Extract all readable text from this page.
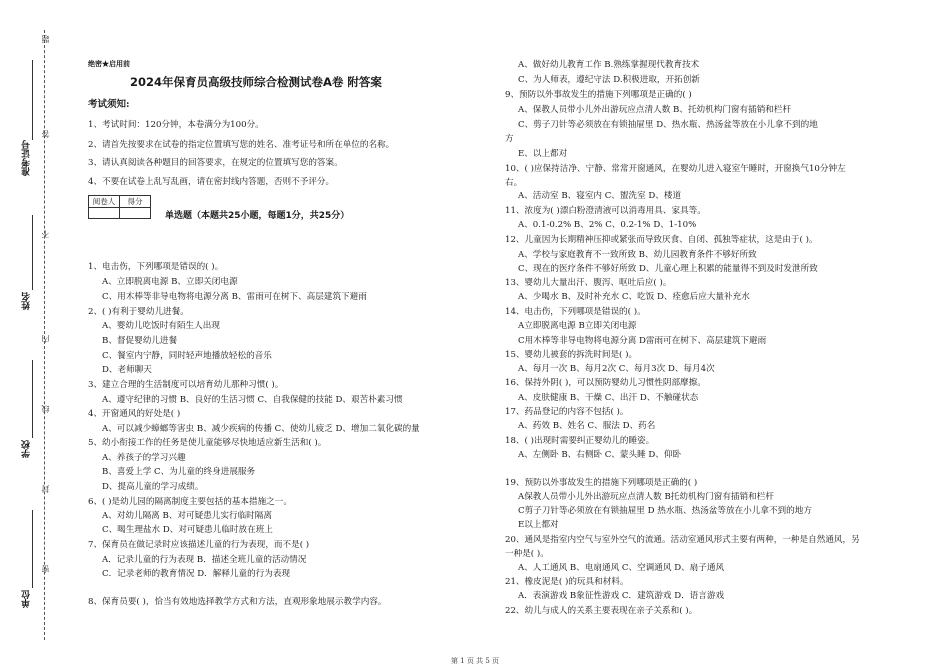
题
答
不
内
线
封
密
准考证号
姓名
学校
单位
绝密★启用前
2024年保育员高级技师综合检测试卷A卷 附答案
考试须知:
1、考试时间：120分钟，本卷满分为100分。
2、请首先按要求在试卷的指定位置填写您的姓名、准考证号和所在单位的名称。
3、请认真阅读各种题目的回答要求，在规定的位置填写您的答案。
4、不要在试卷上乱写乱画，请在密封线内答题，否则不予评分。
阅卷人	得分

单选题（本题共25小题，每题1分，共25分）
1、电击伤，下列哪项是错误的( )。
A、立即脱离电源 B、立即关闭电源
C、用木棒等非导电物将电源分离 B、雷雨可在树下、高层建筑下避雨
2、( )有利于婴幼儿进餐。
A、婴幼儿吃饭时有陌生人出现
B、督促婴幼儿进餐
C、餐室内宁静，同时轻声地播放轻松的音乐
D、老师聊天
3、建立合理的生活制度可以培育幼儿那种习惯( )。
A、遵守纪律的习惯 B、良好的生活习惯 C、自我保健的技能 D、艰苦朴素习惯
4、开窗通风的好处是( )
A、可以减少蟑螂等害虫 B、减少疾病的传播 C、使幼儿疲乏 D、增加二氧化碳的量
5、幼小衔接工作的任务是使儿童能够尽快地适应新生活和( )。
A、养孩子的学习兴趣
B、喜爱上学 C、为儿童的终身进展服务
D、提高儿童的学习成绩。
6、( )是幼儿园的隔离制度主要包括的基本措施之一。
A、对幼儿隔离 B、对可疑患儿实行临时隔离
C、喝生理盐水 D、对可疑患儿临时放在班上
7、保育员在做记录时应该描述儿童的行为表现，而不是( )
A．记录儿童的行为表现 B．描述全班儿童的活动情况
C．记录老师的教育情况 D．解释儿童的行为表现
8、保育员要( )，恰当有效地选择教学方式和方法，直观形象地展示教学内容。
A、做好幼儿教育工作 B.熟练掌握现代教育技术
C、为人师表，遵纪守法 D.积极进取，开拓创新
9、预防以外事故发生的措施下列哪项是正确的( )
A、保教人员带小儿外出游玩应点清人数 B、托幼机构门窗有插销和栏杆
C、剪子刀针等必须放在有锁抽屉里 D、热水瓶、热汤盆等放在小儿拿不到的地
方
E、以上都对
10、( )应保持洁净、宁静、常常开窗通风，在婴幼儿进入寝室午睡时，开窗换气10分钟左
右。
A、活动室 B、寝室内 C、盥洗室 D、楼道
11、浓度为( )漂白粉澄清液可以消毒用具、家具等。
A、0.1-0.2% B、2% C、0.2-1% D、1-10%
12、儿童因为长期精神压抑或紧张而导致厌食、自闭、孤独等症状，这是由于( )。
A、学校与家庭教育不一致所致 B、幼儿园教育条件不够好所致
C、现在的医疗条件不够好所致 D、儿童心理上积累的能量得不到及时发泄所致
13、婴幼儿大量出汗、腹泻、呕吐后应( )。
A、少喝水 B、及时补充水 C、吃饭 D、痊愈后应大量补充水
14、电击伤，下列哪项是错误的( )。
A立即脱离电源 B立即关闭电源
C用木棒等非导电物将电源分离 D雷雨可在树下、高层建筑下避雨
15、婴幼儿被套的拆洗时间是( )。
A、每月一次 B、每月2次 C、每月3次 D、每月4次
16、保持外阴( )，可以预防婴幼儿习惯性阴部摩擦。
A、皮肤健康 B、干燥 C、出汗 D、不触碰状态
17、药品登记的内容不包括( )。
A、药效 B、姓名 C、服法 D、药名
18、( )出现时需要纠正婴幼儿的睡姿。
A、左侧卧 B、右侧卧 C、蒙头睡 D、仰卧
19、预防以外事故发生的措施下列哪项是正确的( )
A保教人员带小儿外出游玩应点清人数 B托幼机构门窗有插销和栏杆
C剪子刀针等必须放在有锁抽屉里 D 热水瓶、热汤盆等放在小儿拿不到的地方
E以上都对
20、通风是指室内空气与室外空气的流通。活动室通风形式主要有两种，一种是自然通风，另
一种是( )。
A、人工通风 B、电扇通风 C、空调通风 D、扇子通风
21、橡皮泥是( )的玩具和材料。
A．表演游戏 B象征性游戏 C．建筑游戏 D．语言游戏
22、幼儿与成人的关系主要表现在亲子关系和( )。
第 1 页 共 5 页
